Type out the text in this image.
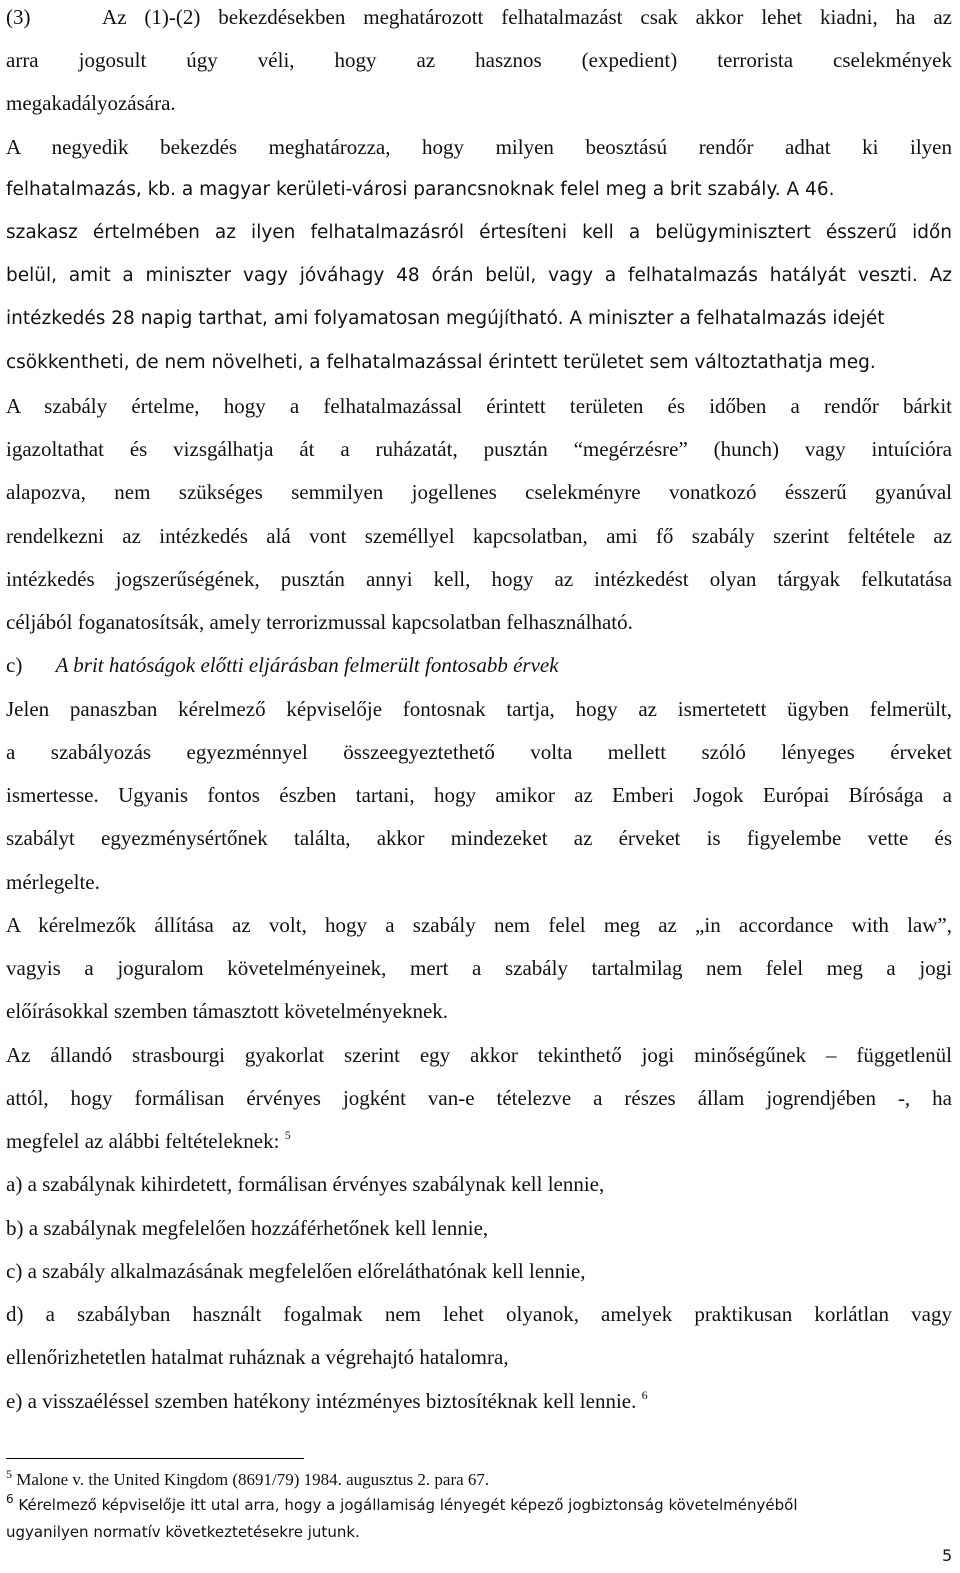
(3)    Az (1)-(2) bekezdésekben meghatározott felhatalmazást csak akkor lehet kiadni, ha az
arra jogosult úgy véli, hogy az hasznos (expedient) terrorista cselekmények
megakadályozására.
A negyedik bekezdés meghatározza, hogy milyen beosztású rendőr adhat ki ilyen
felhatalmazás, kb. a magyar kerületi-városi parancsnoknak felel meg a brit szabály. A 46.
szakasz értelmében az ilyen felhatalmazásról értesíteni kell a belügyminisztert ésszerű időn
belül, amit a miniszter vagy jóváhagy 48 órán belül, vagy a felhatalmazás hatályát veszti. Az
intézkedés 28 napig tarthat, ami folyamatosan megújítható. A miniszter a felhatalmazás idejét
csökkentheti, de nem növelheti, a felhatalmazással érintett területet sem változtathatja meg.
A szabály értelme, hogy a felhatalmazással érintett területen és időben a rendőr bárkit
igazoltathat és vizsgálhatja át a ruházatát, pusztán “megérzésre” (hunch) vagy intuícióra
alapozva, nem szükséges semmilyen jogellenes cselekményre vonatkozó ésszerű gyanúval
rendelkezni az intézkedés alá vont személlyel kapcsolatban, ami fő szabály szerint feltétele az
intézkedés jogszerűségének, pusztán annyi kell, hogy az intézkedést olyan tárgyak felkutatása
céljából foganatosítsák, amely terrorizmussal kapcsolatban felhasználható.
c) A brit hatóságok előtti eljárásban felmerült fontosabb érvek
Jelen panaszban kérelmező képviselője fontosnak tartja, hogy az ismertetett ügyben felmerült,
a szabályozás egyezménnyel összeegyeztethető volta mellett szóló lényeges érveket
ismertesse. Ugyanis fontos észben tartani, hogy amikor az Emberi Jogok Európai Bírósága a
szabályt egyezménysértőnek találta, akkor mindezeket az érveket is figyelembe vette és
mérlegelte.
A kérelmezők állítása az volt, hogy a szabály nem felel meg az „in accordance with law”,
vagyis a joguralom követelményeinek, mert a szabály tartalmilag nem felel meg a jogi
előírásokkal szemben támasztott követelményeknek.
Az állandó strasbourgi gyakorlat szerint egy akkor tekinthető jogi minőségűnek – függetlenül
attól, hogy formálisan érvényes jogként van-e tételezve a részes állam jogrendjében -, ha
megfelel az alábbi feltételeknek: $^5$
a) a szabálynak kihirdetett, formálisan érvényes szabálynak kell lennie,
b) a szabálynak megfelelően hozzáférhetőnek kell lennie,
c) a szabály alkalmazásának megfelelően előreláthatónak kell lennie,
d) a szabályban használt fogalmak nem lehet olyanok, amelyek praktikusan korlátlan vagy
ellenőrizhetetlen hatalmat ruháznak a végrehajtó hatalomra,
e) a visszaéléssel szemben hatékony intézményes biztosítéknak kell lennie. $^6$
$^5$ Malone v. the United Kingdom (8691/79) 1984. augusztus 2. para 67.
$^6$ Kérelmező képviselője itt utal arra, hogy a jogállamiság lényegét képező jogbiztonság követelményéből
ugyanilyen normatív következtetésekre jutunk.
5
